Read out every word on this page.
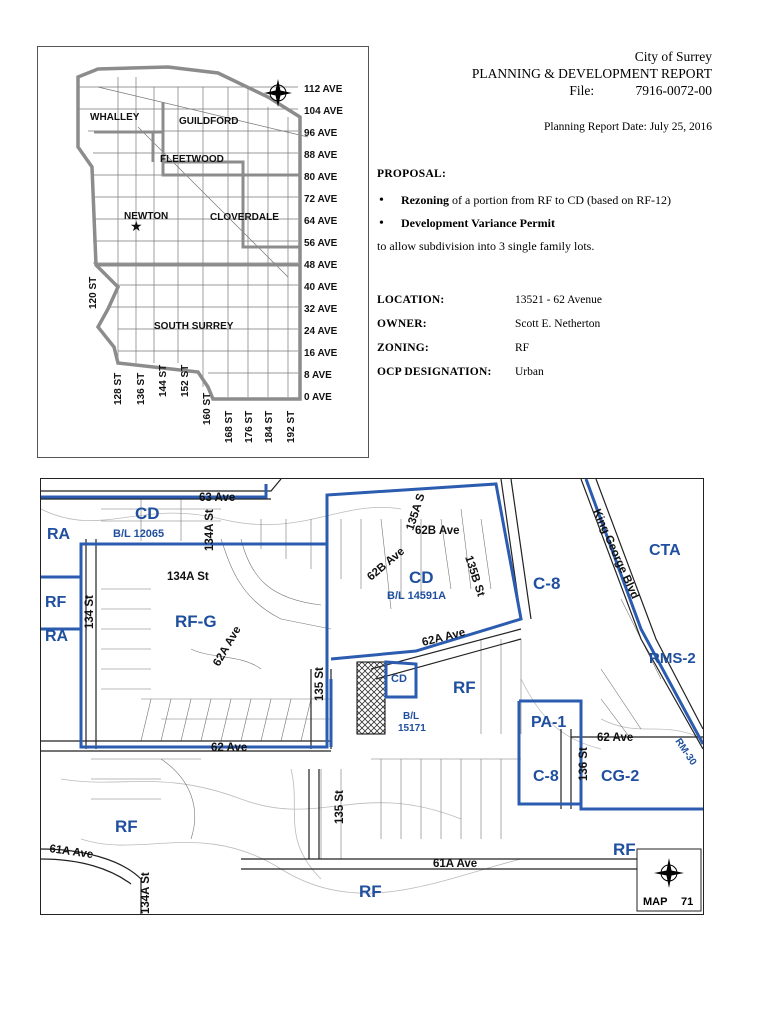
City of Surrey
PLANNING & DEVELOPMENT REPORT
File:	7916-0072-00
Planning Report Date: July 25, 2016
PROPOSAL:
• Rezoning of a portion from RF to CD (based on RF-12)
• Development Variance Permit
to allow subdivision into 3 single family lots.
LOCATION:	13521 - 62 Avenue
OWNER:	Scott E. Netherton
ZONING:	RF
OCP DESIGNATION:	Urban
WHALLEY	GUILDFORD
FLEETWOOD
NEWTON	CLOVERDALE
SOUTH SURREY
★
112 AVE
104 AVE
96 AVE
88 AVE
80 AVE
72 AVE
64 AVE
56 AVE
48 AVE
40 AVE
32 AVE
24 AVE
16 AVE
8 AVE
0 AVE
120 ST
128 ST 136 ST 144 ST 152 ST
160 ST
168 ST 176 ST 184 ST 192 ST
63 Ave	135A S
62B Ave
62B Ave
134A St
134A St
134 St
135B St
62A Ave
62A Ave
135 St
62 Ave
62 Ave
136 St
135 St
61A Ave
61A Ave
134A St
King George Blvd
CD
B/L 12065
RA
RA
RF
RF-G
CD
B/L 14591A
C-8
CTA
RMS-2
CD	RF
B/L
15171	PA-1
C-8	CG-2
RM-30
RF
RF
RF
MAP 71
